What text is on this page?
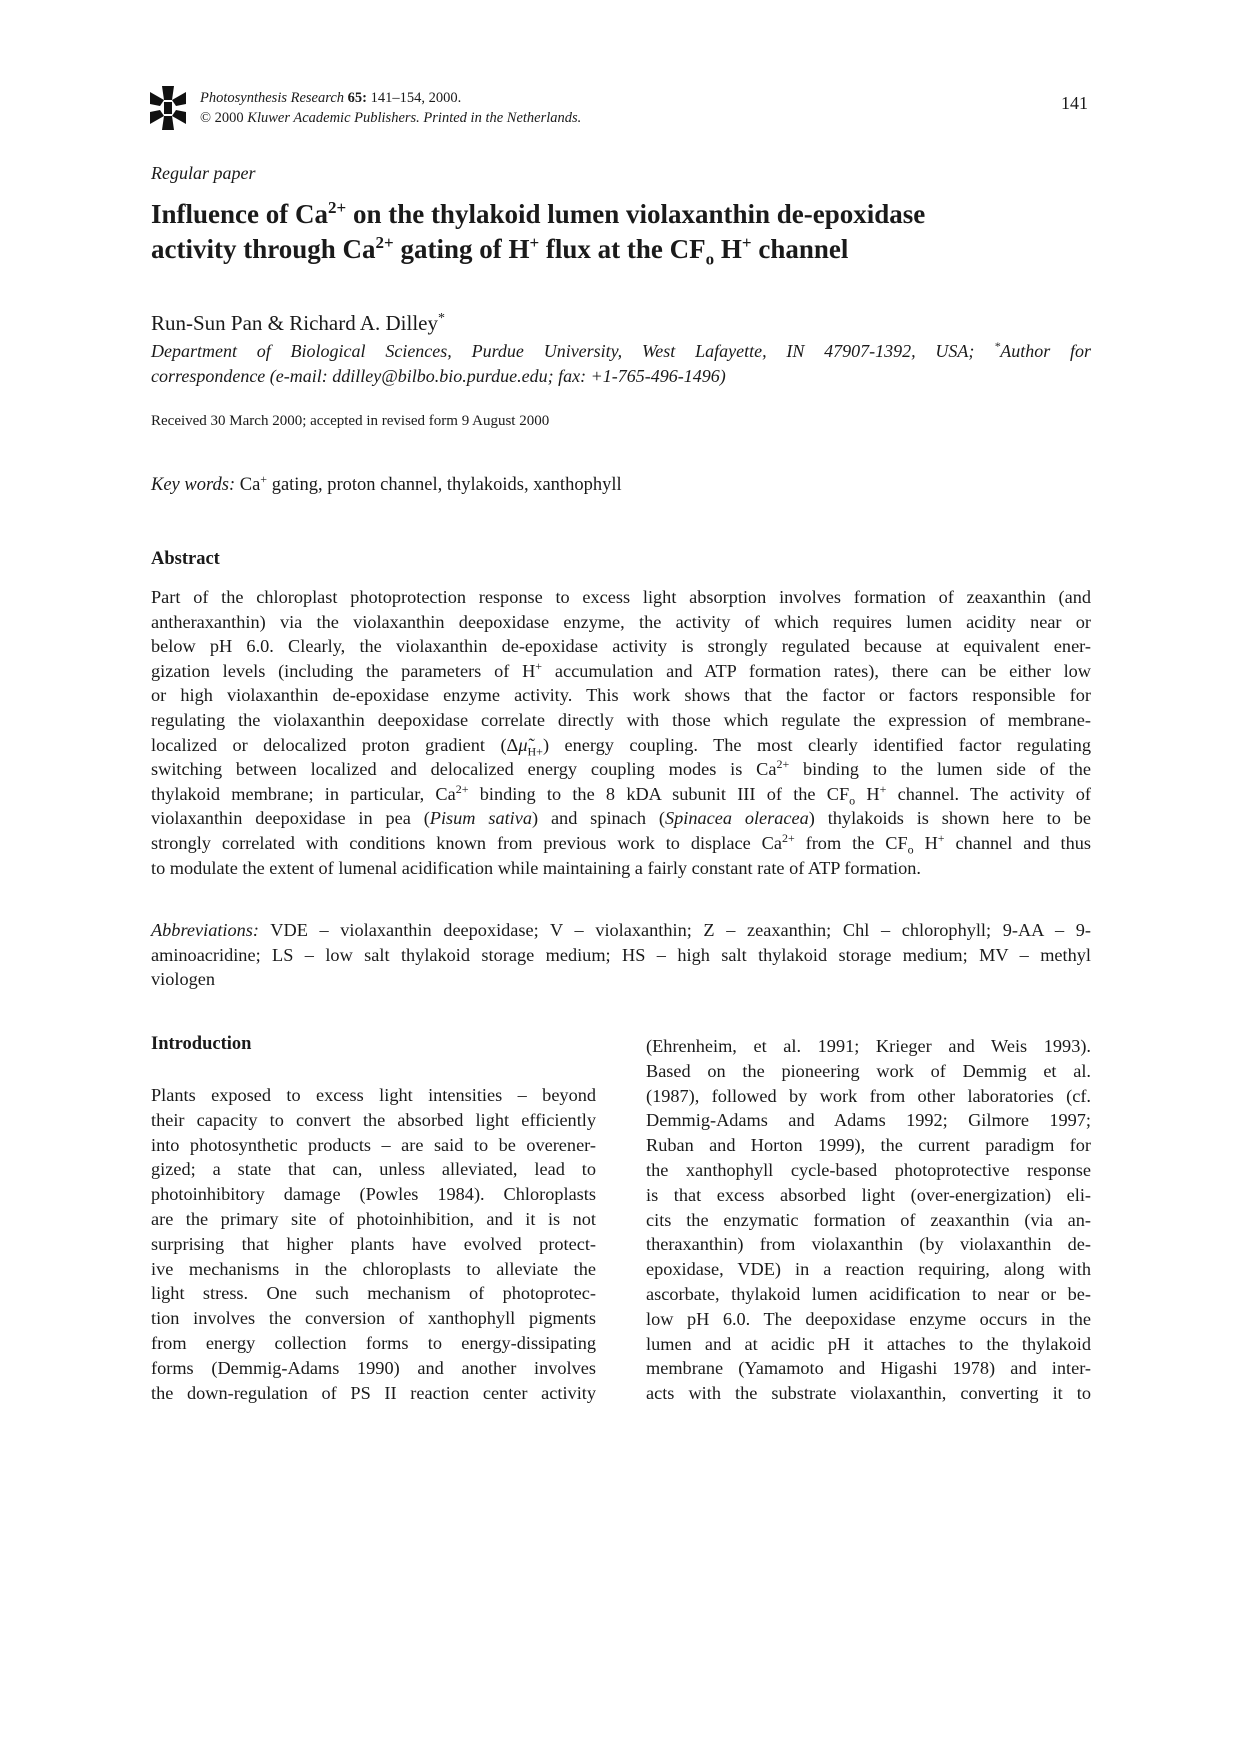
Photosynthesis Research 65: 141–154, 2000.
© 2000 Kluwer Academic Publishers. Printed in the Netherlands.
141
Regular paper
Influence of $Ca^{2+}$ on the thylakoid lumen violaxanthin de-epoxidase
activity through $Ca^{2+}$ gating of H+ flux at the $CF_o$ H+ channel
Run-Sun Pan & Richard A. Dilley*
Department of Biological Sciences, Purdue University, West Lafayette, IN 47907-1392, USA; *Author for
correspondence (e-mail: ddilley@bilbo.bio.purdue.edu; fax: +1-765-496-1496)
Received 30 March 2000; accepted in revised form 9 August 2000
Key words: Ca+ gating, proton channel, thylakoids, xanthophyll
Abstract
Part of the chloroplast photoprotection response to excess light absorption involves formation of zeaxanthin (and
antheraxanthin) via the violaxanthin deepoxidase enzyme, the activity of which requires lumen acidity near or
below pH 6.0. Clearly, the violaxanthin de-epoxidase activity is strongly regulated because at equivalent ener-
gization levels (including the parameters of H+ accumulation and ATP formation rates), there can be either low
or high violaxanthin de-epoxidase enzyme activity. This work shows that the factor or factors responsible for
regulating the violaxanthin deepoxidase correlate directly with those which regulate the expression of membrane-
localized or delocalized proton gradient $(\Delta\mũ_{H+})$ energy coupling. The most clearly identified factor regulating
switching between localized and delocalized energy coupling modes is $Ca^{2+}$ binding to the lumen side of the
thylakoid membrane; in particular, $Ca^{2+}$ binding to the 8 kDA subunit III of the $CF_o$ H+ channel. The activity of
violaxanthin deepoxidase in pea (Pisum sativa) and spinach (Spinacea oleracea) thylakoids is shown here to be
strongly correlated with conditions known from previous work to displace $Ca^{2+}$ from the $CF_o$ H+ channel and thus
to modulate the extent of lumenal acidification while maintaining a fairly constant rate of ATP formation.
Abbreviations: VDE – violaxanthin deepoxidase; V – violaxanthin; Z – zeaxanthin; Chl – chlorophyll; 9-AA – 9-
aminoacridine; LS – low salt thylakoid storage medium; HS – high salt thylakoid storage medium; MV – methyl
viologen
Introduction
Plants exposed to excess light intensities – beyond
their capacity to convert the absorbed light efficiently
into photosynthetic products – are said to be overener-
gized; a state that can, unless alleviated, lead to
photoinhibitory damage (Powles 1984). Chloroplasts
are the primary site of photoinhibition, and it is not
surprising that higher plants have evolved protect-
ive mechanisms in the chloroplasts to alleviate the
light stress. One such mechanism of photoprotec-
tion involves the conversion of xanthophyll pigments
from energy collection forms to energy-dissipating
forms (Demmig-Adams 1990) and another involves
the down-regulation of PS II reaction center activity
(Ehrenheim, et al. 1991; Krieger and Weis 1993).
Based on the pioneering work of Demmig et al.
(1987), followed by work from other laboratories (cf.
Demmig-Adams and Adams 1992; Gilmore 1997;
Ruban and Horton 1999), the current paradigm for
the xanthophyll cycle-based photoprotective response
is that excess absorbed light (over-energization) eli-
cits the enzymatic formation of zeaxanthin (via an-
theraxanthin) from violaxanthin (by violaxanthin de-
epoxidase, VDE) in a reaction requiring, along with
ascorbate, thylakoid lumen acidification to near or be-
low pH 6.0. The deepoxidase enzyme occurs in the
lumen and at acidic pH it attaches to the thylakoid
membrane (Yamamoto and Higashi 1978) and inter-
acts with the substrate violaxanthin, converting it to
